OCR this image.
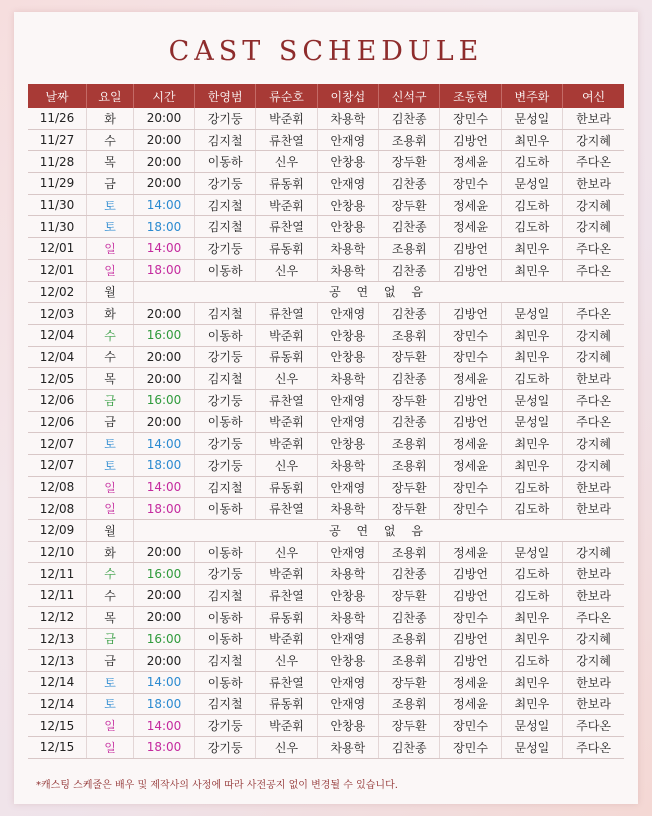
CAST SCHEDULE
날짜	요일	시간	한영범	류순호	이창섭	신석구	조동현	변주화	여신
11/26	화	20:00	강기둥	박준휘	차용학	김찬종	장민수	문성일	한보라
11/27	수	20:00	김지철	류찬열	안재영	조용휘	김방언	최민우	강지혜
11/28	목	20:00	이동하	신우	안창용	장두환	정세윤	김도하	주다온
11/29	금	20:00	강기둥	류동휘	안재영	김찬종	장민수	문성일	한보라
11/30	토	14:00	김지철	박준휘	안창용	장두환	정세윤	김도하	강지혜
11/30	토	18:00	김지철	류찬열	안창용	김찬종	정세윤	김도하	강지혜
12/01	일	14:00	강기둥	류동휘	차용학	조용휘	김방언	최민우	주다온
12/01	일	18:00	이동하	신우	차용학	김찬종	김방언	최민우	주다온
12/02	월	공 연 없 음							
12/03	화	20:00	김지철	류찬열	안재영	김찬종	김방언	문성일	주다온
12/04	수	16:00	이동하	박준휘	안창용	조용휘	장민수	최민우	강지혜
12/04	수	20:00	강기둥	류동휘	안창용	장두환	장민수	최민우	강지혜
12/05	목	20:00	김지철	신우	차용학	김찬종	정세윤	김도하	한보라
12/06	금	16:00	강기둥	류찬열	안재영	장두환	김방언	문성일	주다온
12/06	금	20:00	이동하	박준휘	안재영	김찬종	김방언	문성일	주다온
12/07	토	14:00	강기둥	박준휘	안창용	조용휘	정세윤	최민우	강지혜
12/07	토	18:00	강기둥	신우	차용학	조용휘	정세윤	최민우	강지혜
12/08	일	14:00	김지철	류동휘	안재영	장두환	장민수	김도하	한보라
12/08	일	18:00	이동하	류찬열	차용학	장두환	장민수	김도하	한보라
12/09	월	공 연 없 음							
12/10	화	20:00	이동하	신우	안재영	조용휘	정세윤	문성일	강지혜
12/11	수	16:00	강기둥	박준휘	차용학	김찬종	김방언	김도하	한보라
12/11	수	20:00	김지철	류찬열	안창용	장두환	김방언	김도하	한보라
12/12	목	20:00	이동하	류동휘	차용학	김찬종	장민수	최민우	주다온
12/13	금	16:00	이동하	박준휘	안재영	조용휘	김방언	최민우	강지혜
12/13	금	20:00	김지철	신우	안창용	조용휘	김방언	김도하	강지혜
12/14	토	14:00	이동하	류찬열	안재영	장두환	정세윤	최민우	한보라
12/14	토	18:00	김지철	류동휘	안재영	조용휘	정세윤	최민우	한보라
12/15	일	14:00	강기둥	박준휘	안창용	장두환	장민수	문성일	주다온
12/15	일	18:00	강기둥	신우	차용학	김찬종	장민수	문성일	주다온
*캐스팅 스케줄은 배우 및 제작사의 사정에 따라 사전공지 없이 변경될 수 있습니다.
